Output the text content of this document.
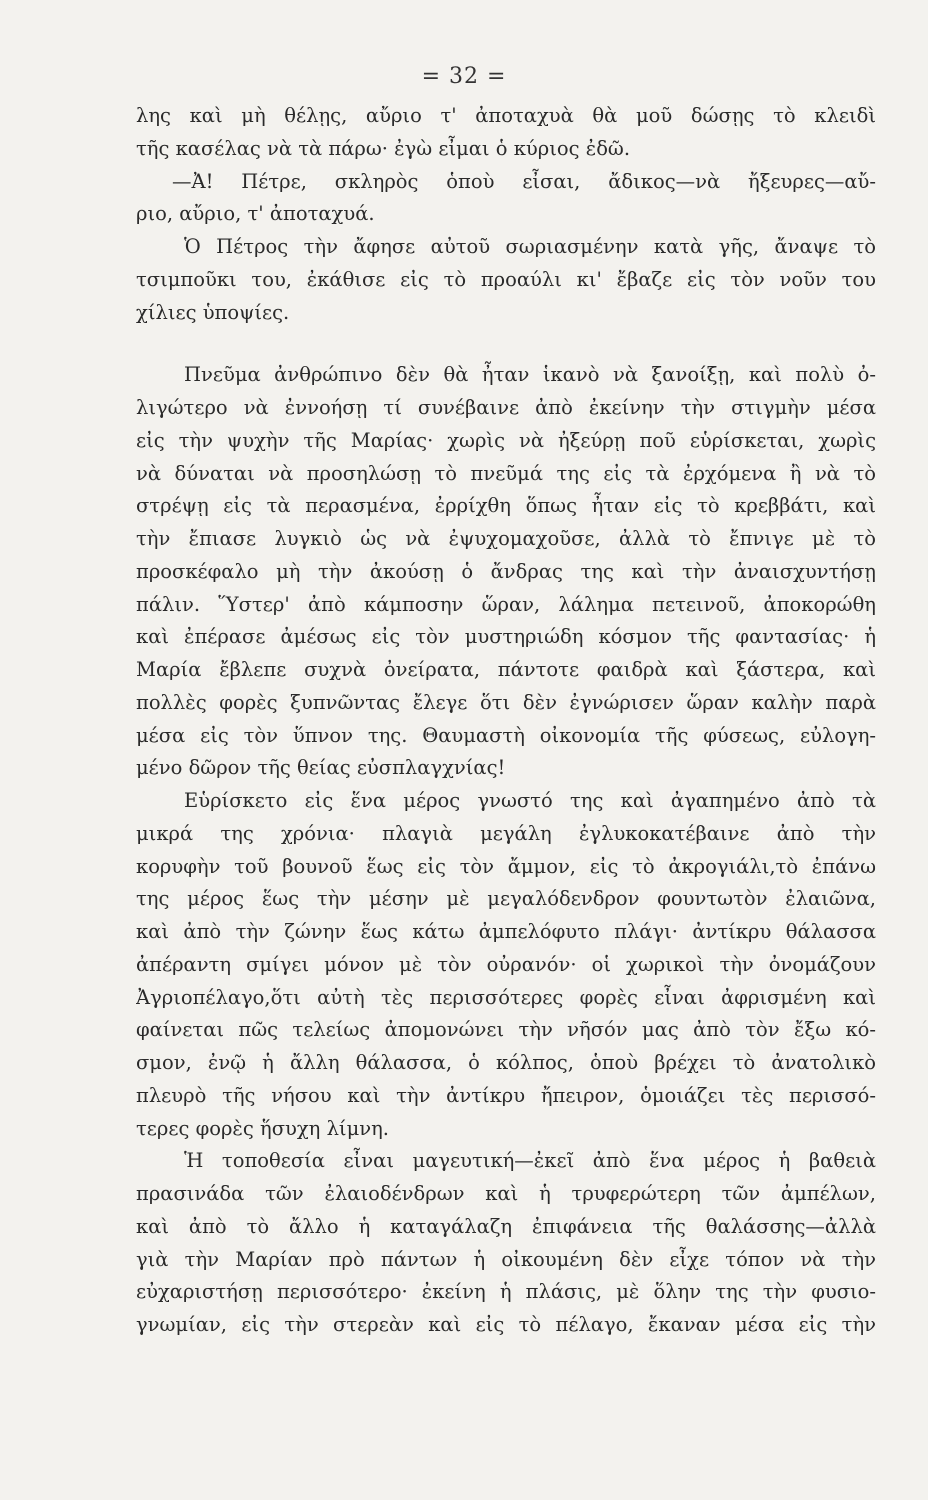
= 32 =
λης καὶ μὴ θέλῃς, αὔριο τ' ἀποταχυὰ θὰ μοῦ δώσῃς τὸ κλειδὶ
τῆς κασέλας νὰ τὰ πάρω· ἐγὼ εἶμαι ὁ κύριος ἐδῶ.
—Ἀ! Πέτρε, σκληρὸς ὁποὺ εἶσαι, ἄδικος—νὰ ἤξευρες—αὔ-
ριο, αὔριο, τ' ἀποταχυά.
Ὁ Πέτρος τὴν ἄφησε αὐτοῦ σωριασμένην κατὰ γῆς, ἄναψε τὸ
τσιμποῦκι του, ἐκάθισε εἰς τὸ προαύλι κι' ἔβαζε εἰς τὸν νοῦν του
χίλιες ὑποψίες.
Πνεῦμα ἀνθρώπινο δὲν θὰ ἦταν ἱκανὸ νὰ ξανοίξῃ, καὶ πολὺ ὀ-
λιγώτερο νὰ ἐννοήσῃ τί συνέβαινε ἀπὸ ἐκείνην τὴν στιγμὴν μέσα
εἰς τὴν ψυχὴν τῆς Μαρίας· χωρὶς νὰ ἠξεύρῃ ποῦ εὑρίσκεται, χωρὶς
νὰ δύναται νὰ προσηλώσῃ τὸ πνεῦμά της εἰς τὰ ἐρχόμενα ἢ νὰ τὸ
στρέψῃ εἰς τὰ περασμένα, ἐρρίχθη ὅπως ἦταν εἰς τὸ κρεββάτι, καὶ
τὴν ἔπιασε λυγκιὸ ὡς νὰ ἐψυχομαχοῦσε, ἀλλὰ τὸ ἔπνιγε μὲ τὸ
προσκέφαλο μὴ τὴν ἀκούσῃ ὁ ἄνδρας της καὶ τὴν ἀναισχυντήσῃ
πάλιν. Ὕστερ' ἀπὸ κάμποσην ὥραν, λάλημα πετεινοῦ, ἀποκορώθη
καὶ ἐπέρασε ἀμέσως εἰς τὸν μυστηριώδη κόσμον τῆς φαντασίας· ἡ
Μαρία ἔβλεπε συχνὰ ὀνείρατα, πάντοτε φαιδρὰ καὶ ξάστερα, καὶ
πολλὲς φορὲς ξυπνῶντας ἔλεγε ὅτι δὲν ἐγνώρισεν ὥραν καλὴν παρὰ
μέσα εἰς τὸν ὕπνον της. Θαυμαστὴ οἰκονομία τῆς φύσεως, εὐλογη-
μένο δῶρον τῆς θείας εὐσπλαγχνίας!
Εὑρίσκετο εἰς ἕνα μέρος γνωστό της καὶ ἀγαπημένο ἀπὸ τὰ
μικρά της χρόνια· πλαγιὰ μεγάλη ἐγλυκοκατέβαινε ἀπὸ τὴν
κορυφὴν τοῦ βουνοῦ ἕως εἰς τὸν ἄμμον, εἰς τὸ ἀκρογιάλι,τὸ ἐπάνω
της μέρος ἕως τὴν μέσην μὲ μεγαλόδενδρον φουντωτὸν ἐλαιῶνα,
καὶ ἀπὸ τὴν ζώνην ἕως κάτω ἀμπελόφυτο πλάγι· ἀντίκρυ θάλασσα
ἀπέραντη σμίγει μόνον μὲ τὸν οὐρανόν· οἱ χωρικοὶ τὴν ὀνομάζουν
Ἀγριοπέλαγο,ὅτι αὐτὴ τὲς περισσότερες φορὲς εἶναι ἀφρισμένη καὶ
φαίνεται πῶς τελείως ἀπομονώνει τὴν νῆσόν μας ἀπὸ τὸν ἔξω κό-
σμον, ἐνῷ ἡ ἄλλη θάλασσα, ὁ κόλπος, ὁποὺ βρέχει τὸ ἀνατολικὸ
πλευρὸ τῆς νήσου καὶ τὴν ἀντίκρυ ἤπειρον, ὁμοιάζει τὲς περισσό-
τερες φορὲς ἥσυχη λίμνη.
Ἡ τοποθεσία εἶναι μαγευτική—ἐκεῖ ἀπὸ ἕνα μέρος ἡ βαθειὰ
πρασινάδα τῶν ἐλαιοδένδρων καὶ ἡ τρυφερώτερη τῶν ἀμπέλων,
καὶ ἀπὸ τὸ ἄλλο ἡ καταγάλαζη ἐπιφάνεια τῆς θαλάσσης—ἀλλὰ
γιὰ τὴν Μαρίαν πρὸ πάντων ἡ οἰκουμένη δὲν εἶχε τόπον νὰ τὴν
εὐχαριστήσῃ περισσότερο· ἐκείνη ἡ πλάσις, μὲ ὅλην της τὴν φυσιο-
γνωμίαν, εἰς τὴν στερεὰν καὶ εἰς τὸ πέλαγο, ἔκαναν μέσα εἰς τὴν
